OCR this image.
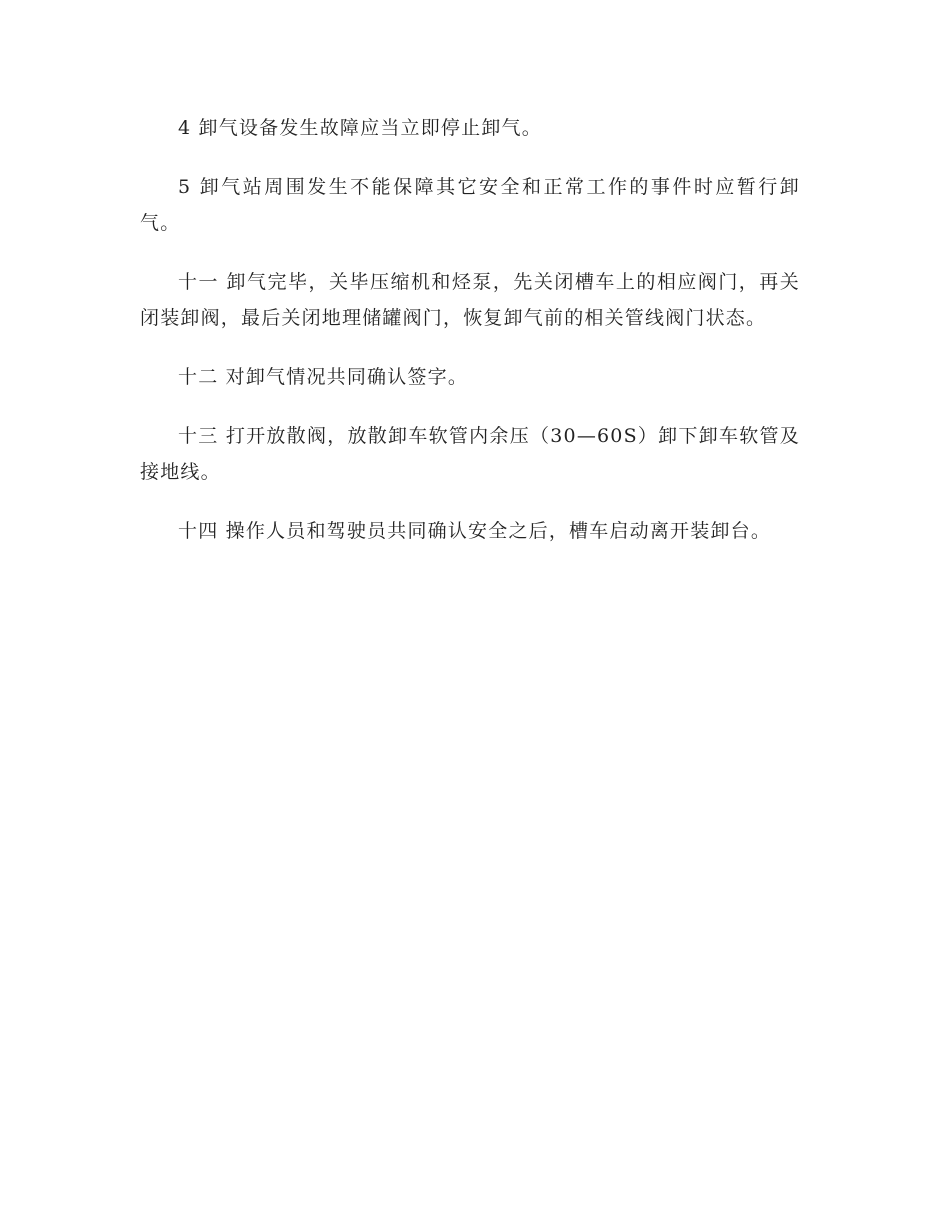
4 卸气设备发生故障应当立即停止卸气。

5 卸气站周围发生不能保障其它安全和正常工作的事件时应暂行卸气。

十一 卸气完毕，关毕压缩机和烃泵，先关闭槽车上的相应阀门，再关闭装卸阀，最后关闭地理储罐阀门，恢复卸气前的相关管线阀门状态。

十二 对卸气情况共同确认签字。

十三 打开放散阀，放散卸车软管内余压（30—60S）卸下卸车软管及接地线。

十四 操作人员和驾驶员共同确认安全之后，槽车启动离开装卸台。
